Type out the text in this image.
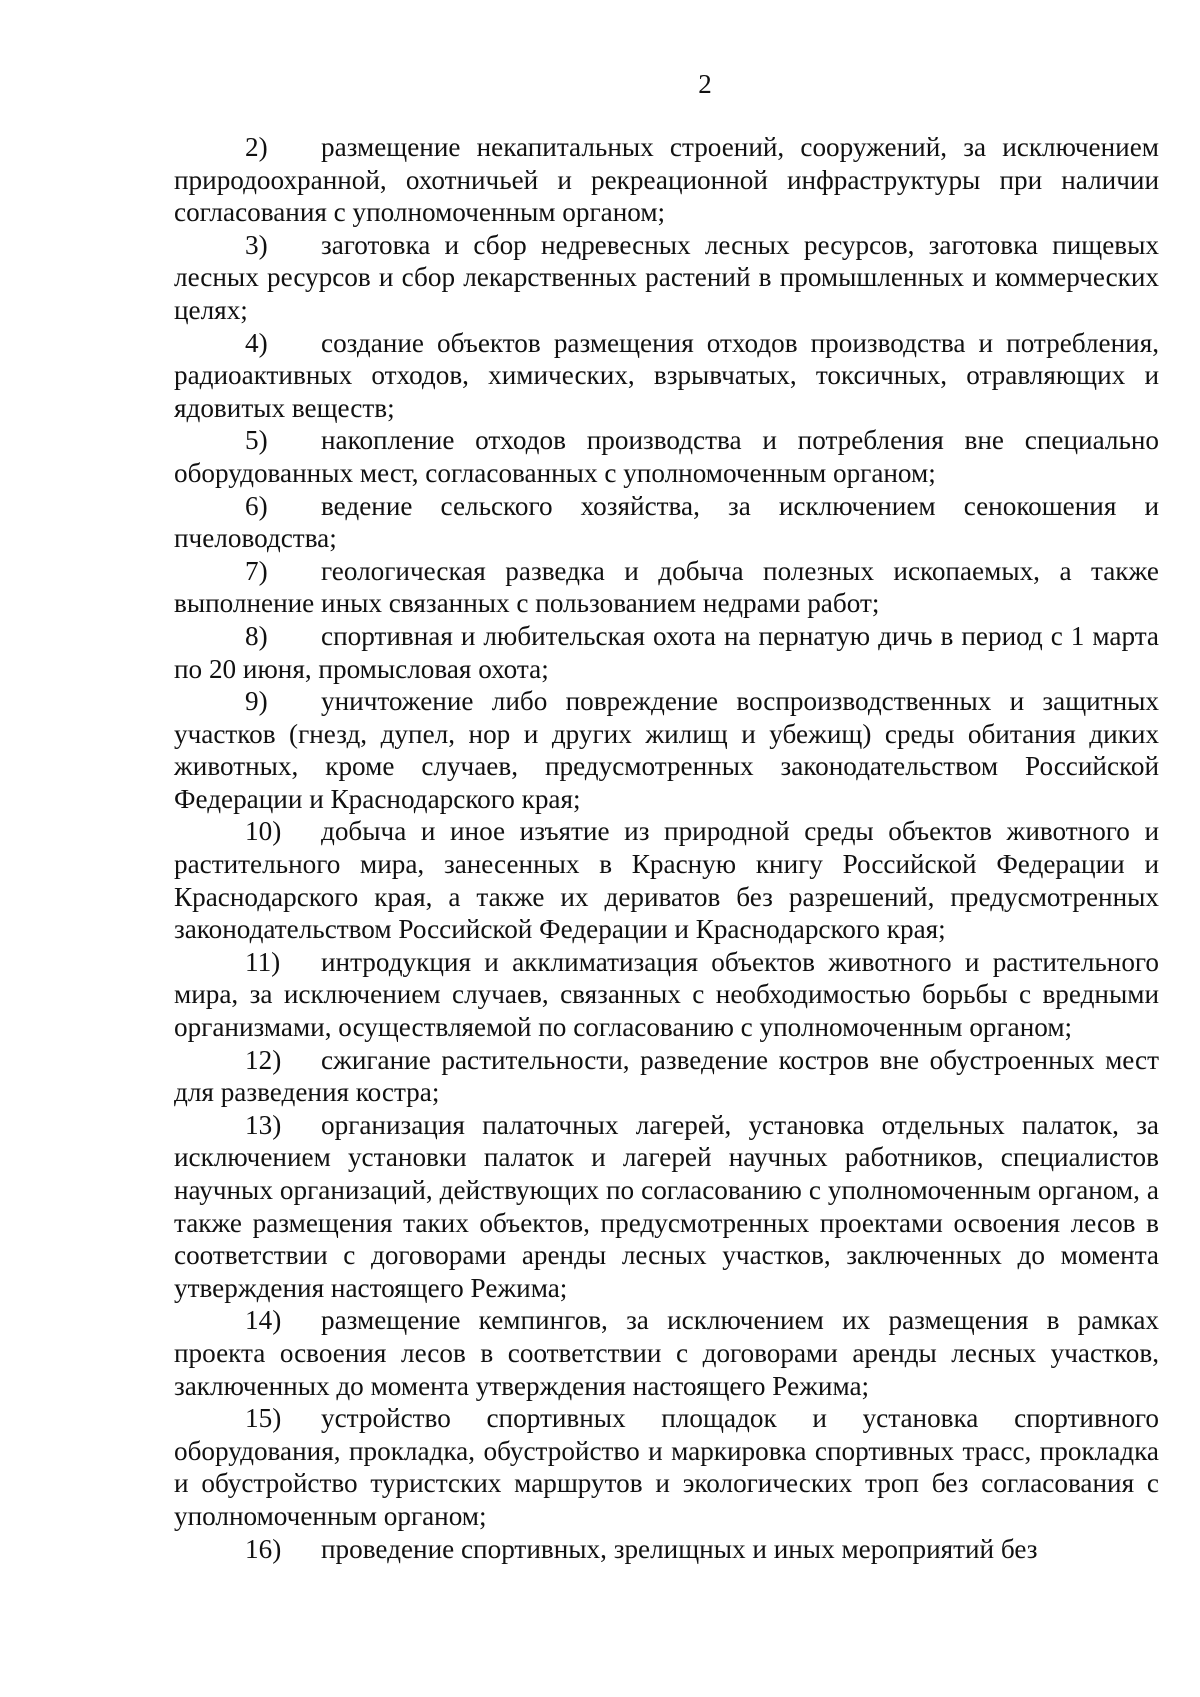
2

2) размещение некапитальных строений, сооружений, за исключением природоохранной, охотничьей и рекреационной инфраструктуры при наличии согласования с уполномоченным органом;

3) заготовка и сбор недревесных лесных ресурсов, заготовка пищевых лесных ресурсов и сбор лекарственных растений в промышленных и коммерческих целях;

4) создание объектов размещения отходов производства и потребления, радиоактивных отходов, химических, взрывчатых, токсичных, отравляющих и ядовитых веществ;

5) накопление отходов производства и потребления вне специально оборудованных мест, согласованных с уполномоченным органом;

6) ведение сельского хозяйства, за исключением сенокошения и пчеловодства;

7) геологическая разведка и добыча полезных ископаемых, а также выполнение иных связанных с пользованием недрами работ;

8) спортивная и любительская охота на пернатую дичь в период с 1 марта по 20 июня, промысловая охота;

9) уничтожение либо повреждение воспроизводственных и защитных участков (гнезд, дупел, нор и других жилищ и убежищ) среды обитания диких животных, кроме случаев, предусмотренных законодательством Российской Федерации и Краснодарского края;

10) добыча и иное изъятие из природной среды объектов животного и растительного мира, занесенных в Красную книгу Российской Федерации и Краснодарского края, а также их дериватов без разрешений, предусмотренных законодательством Российской Федерации и Краснодарского края;

11) интродукция и акклиматизация объектов животного и растительного мира, за исключением случаев, связанных с необходимостью борьбы с вредными организмами, осуществляемой по согласованию с уполномоченным органом;

12) сжигание растительности, разведение костров вне обустроенных мест для разведения костра;

13) организация палаточных лагерей, установка отдельных палаток, за исключением установки палаток и лагерей научных работников, специалистов научных организаций, действующих по согласованию с уполномоченным органом, а также размещения таких объектов, предусмотренных проектами освоения лесов в соответствии с договорами аренды лесных участков, заключенных до момента утверждения настоящего Режима;

14) размещение кемпингов, за исключением их размещения в рамках проекта освоения лесов в соответствии с договорами аренды лесных участков, заключенных до момента утверждения настоящего Режима;

15) устройство спортивных площадок и установка спортивного оборудования, прокладка, обустройство и маркировка спортивных трасс, прокладка и обустройство туристских маршрутов и экологических троп без согласования с уполномоченным органом;

16) проведение спортивных, зрелищных и иных мероприятий без
